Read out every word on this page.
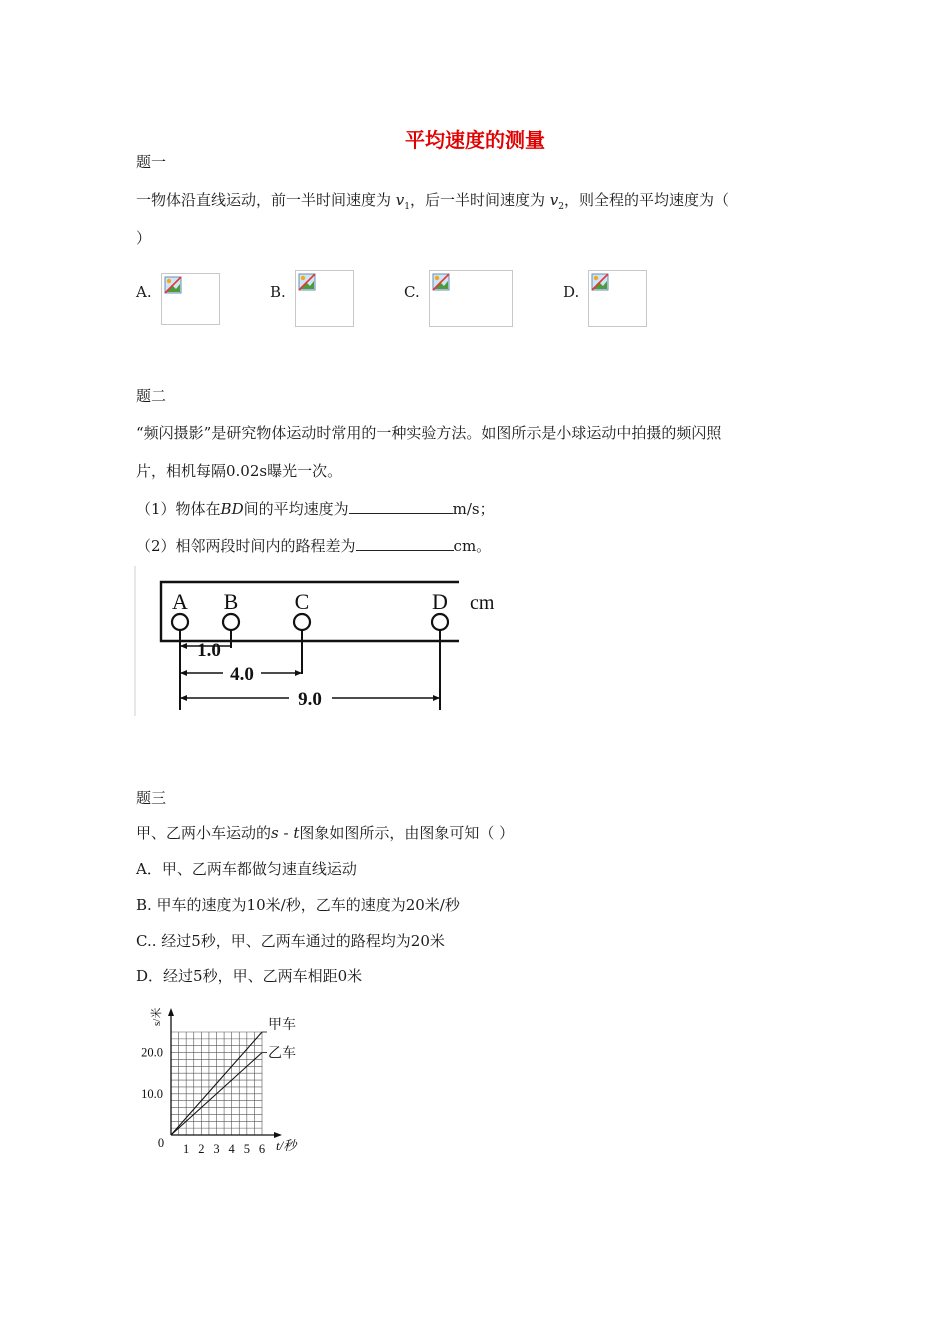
平均速度的测量
题一
一物体沿直线运动，前一半时间速度为 $v_1$，后一半时间速度为 $v_2$，则全程的平均速度为（
）
A.	B.	C.	D.
题二
“频闪摄影”是研究物体运动时常用的一种实验方法。如图所示是小球运动中拍摄的频闪照
片，相机每隔0.02s曝光一次。
（1）物体在BD间的平均速度为	m/s；
（2）相邻两段时间内的路程差为	cm。
A B	C	D cm
1.0
4.0
9.0
题三
甲、乙两小车运动的s - t图象如图所示，由图象可知（ ）
A．甲、乙两车都做匀速直线运动
B. 甲车的速度为10米/秒，乙车的速度为20米/秒
C.. 经过5秒，甲、乙两车通过的路程均为20米
D．经过5秒，甲、乙两车相距0米
甲车
乙车
1 2 3 4 5 6
10.0
20.0
0	t/秒
s/米
